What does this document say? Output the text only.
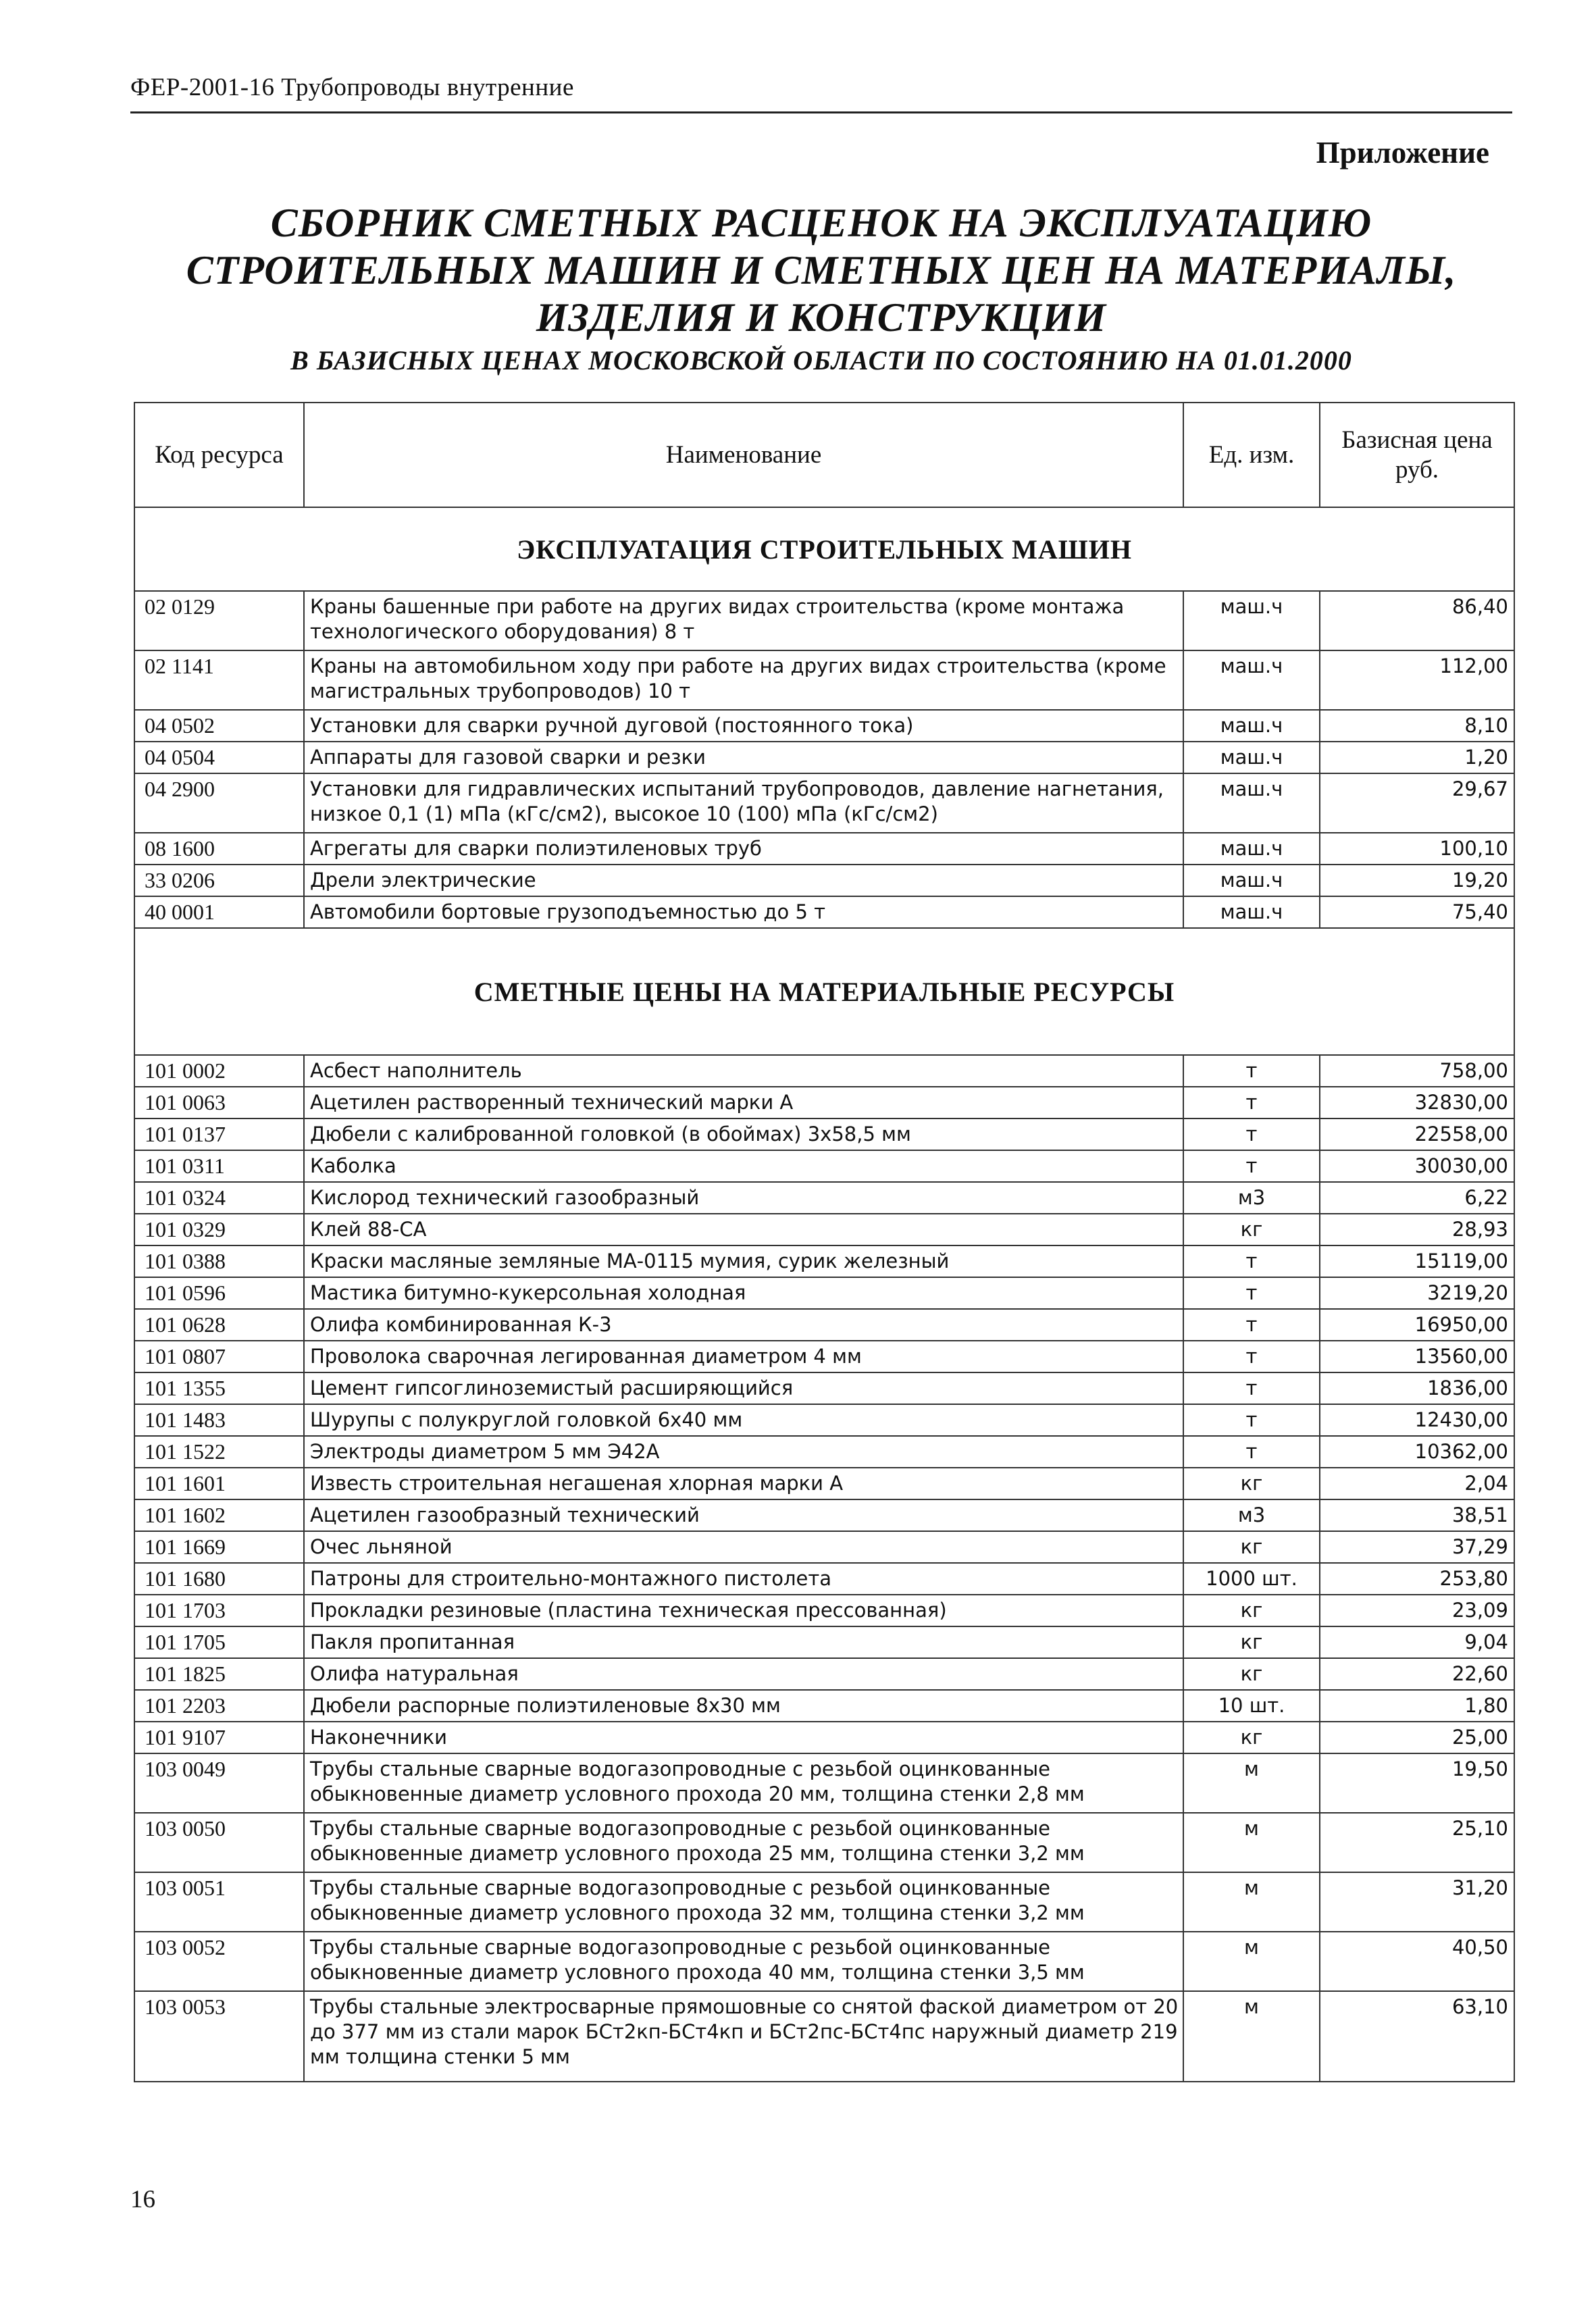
ФЕР-2001-16 Трубопроводы внутренние
Приложение
СБОРНИК СМЕТНЫХ РАСЦЕНОК НА ЭКСПЛУАТАЦИЮ
СТРОИТЕЛЬНЫХ МАШИН И СМЕТНЫХ ЦЕН НА МАТЕРИАЛЫ,
ИЗДЕЛИЯ И КОНСТРУКЦИИ
В БАЗИСНЫХ ЦЕНАХ МОСКОВСКОЙ ОБЛАСТИ ПО СОСТОЯНИЮ НА 01.01.2000
Код ресурса	Наименование	Ед. изм.	Базисная цена
руб.

ЭКСПЛУАТАЦИЯ СТРОИТЕЛЬНЫХ МАШИН			
02 0129	Краны башенные при работе на других видах строительства (кроме монтажа технологического оборудования) 8 т	маш.ч	86,40
02 1141	Краны на автомобильном ходу при работе на других видах строительства (кроме магистральных трубопроводов) 10 т	маш.ч	112,00
04 0502	Установки для сварки ручной дуговой (постоянного тока)	маш.ч	8,10
04 0504	Аппараты для газовой сварки и резки	маш.ч	1,20
04 2900	Установки для гидравлических испытаний трубопроводов, давление нагнетания, низкое 0,1 (1) мПа (кГс/см2), высокое 10 (100) мПа (кГс/см2)	маш.ч	29,67
08 1600	Агрегаты для сварки полиэтиленовых труб	маш.ч	100,10
33 0206	Дрели электрические	маш.ч	19,20
40 0001	Автомобили бортовые грузоподъемностью до 5 т	маш.ч	75,40
СМЕТНЫЕ ЦЕНЫ НА МАТЕРИАЛЬНЫЕ РЕСУРСЫ			
101 0002	Асбест наполнитель	т	758,00
101 0063	Ацетилен растворенный технический марки А	т	32830,00
101 0137	Дюбели с калиброванной головкой (в обоймах) 3х58,5 мм	т	22558,00
101 0311	Каболка	т	30030,00
101 0324	Кислород технический газообразный	м3	6,22
101 0329	Клей 88-СА	кг	28,93
101 0388	Краски масляные земляные МА-0115 мумия, сурик железный	т	15119,00
101 0596	Мастика битумно-кукерсольная холодная	т	3219,20
101 0628	Олифа комбинированная К-3	т	16950,00
101 0807	Проволока сварочная легированная диаметром 4 мм	т	13560,00
101 1355	Цемент гипсоглиноземистый расширяющийся	т	1836,00
101 1483	Шурупы с полукруглой головкой 6х40 мм	т	12430,00
101 1522	Электроды диаметром 5 мм Э42А	т	10362,00
101 1601	Известь строительная негашеная хлорная марки А	кг	2,04
101 1602	Ацетилен газообразный технический	м3	38,51
101 1669	Очес льняной	кг	37,29
101 1680	Патроны для строительно-монтажного пистолета	1000 шт.	253,80
101 1703	Прокладки резиновые (пластина техническая прессованная)	кг	23,09
101 1705	Пакля пропитанная	кг	9,04
101 1825	Олифа натуральная	кг	22,60
101 2203	Дюбели распорные полиэтиленовые 8х30 мм	10 шт.	1,80
101 9107	Наконечники	кг	25,00
103 0049	Трубы стальные сварные водогазопроводные с резьбой оцинкованные обыкновенные диаметр условного прохода 20 мм, толщина стенки 2,8 мм	м	19,50
103 0050	Трубы стальные сварные водогазопроводные с резьбой оцинкованные обыкновенные диаметр условного прохода 25 мм, толщина стенки 3,2 мм	м	25,10
103 0051	Трубы стальные сварные водогазопроводные с резьбой оцинкованные обыкновенные диаметр условного прохода 32 мм, толщина стенки 3,2 мм	м	31,20
103 0052	Трубы стальные сварные водогазопроводные с резьбой оцинкованные обыкновенные диаметр условного прохода 40 мм, толщина стенки 3,5 мм	м	40,50
103 0053	Трубы стальные электросварные прямошовные со снятой фаской диаметром от 20 до 377 мм из стали марок БСт2кп-БСт4кп и БСт2пс-БСт4пс наружный диаметр 219 мм толщина стенки 5 мм	м	63,10
16
